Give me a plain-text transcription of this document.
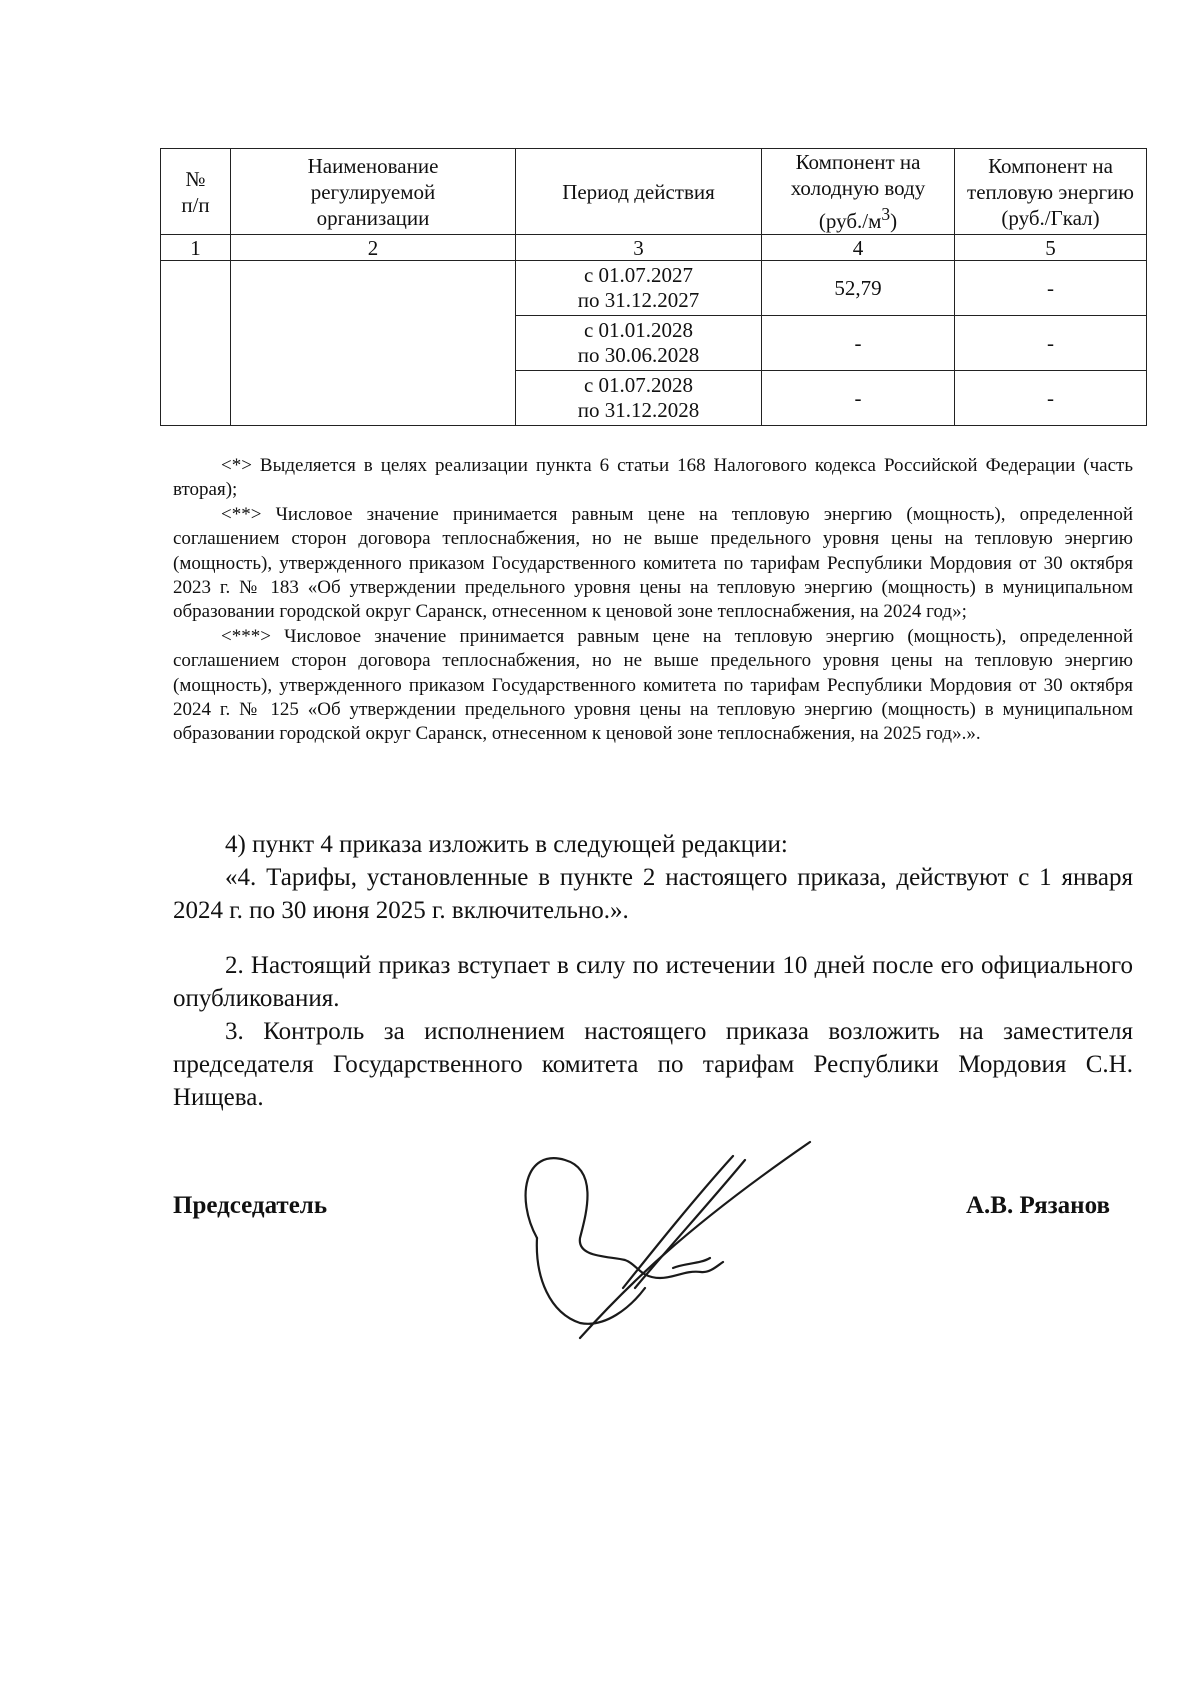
№
п/п	Наименование
регулируемой
организации	Период действия	Компонент на
холодную воду
$(руб./м^3)$	Компонент на
тепловую энергию
(руб./Гкал)

1	2	3	4	5

		с 01.07.2027
по 31.12.2027	52,79	-

		с 01.01.2028
по 30.06.2028	-	-

		с 01.07.2028
по 31.12.2028	-	-

<*> Выделяется в целях реализации пункта 6 статьи 168 Налогового кодекса Российской Федерации (часть вторая);

<**> Числовое значение принимается равным цене на тепловую энергию (мощность), определенной соглашением сторон договора теплоснабжения, но не выше предельного уровня цены на тепловую энергию (мощность), утвержденного приказом Государственного комитета по тарифам Республики Мордовия от 30 октября 2023 г. № 183 «Об утверждении предельного уровня цены на тепловую энергию (мощность) в муниципальном образовании городской округ Саранск, отнесенном к ценовой зоне теплоснабжения, на 2024 год»;

<***> Числовое значение принимается равным цене на тепловую энергию (мощность), определенной соглашением сторон договора теплоснабжения, но не выше предельного уровня цены на тепловую энергию (мощность), утвержденного приказом Государственного комитета по тарифам Республики Мордовия от 30 октября 2024 г. № 125 «Об утверждении предельного уровня цены на тепловую энергию (мощность) в муниципальном образовании городской округ Саранск, отнесенном к ценовой зоне теплоснабжения, на 2025 год».».

4) пункт 4 приказа изложить в следующей редакции:

«4. Тарифы, установленные в пункте 2 настоящего приказа, действуют с 1 января 2024 г. по 30 июня 2025 г. включительно.».

2. Настоящий приказ вступает в силу по истечении 10 дней после его официального опубликования.

3. Контроль за исполнением настоящего приказа возложить на заместителя председателя Государственного комитета по тарифам Республики Мордовия С.Н. Нищева.

Председатель	А.В. Рязанов
